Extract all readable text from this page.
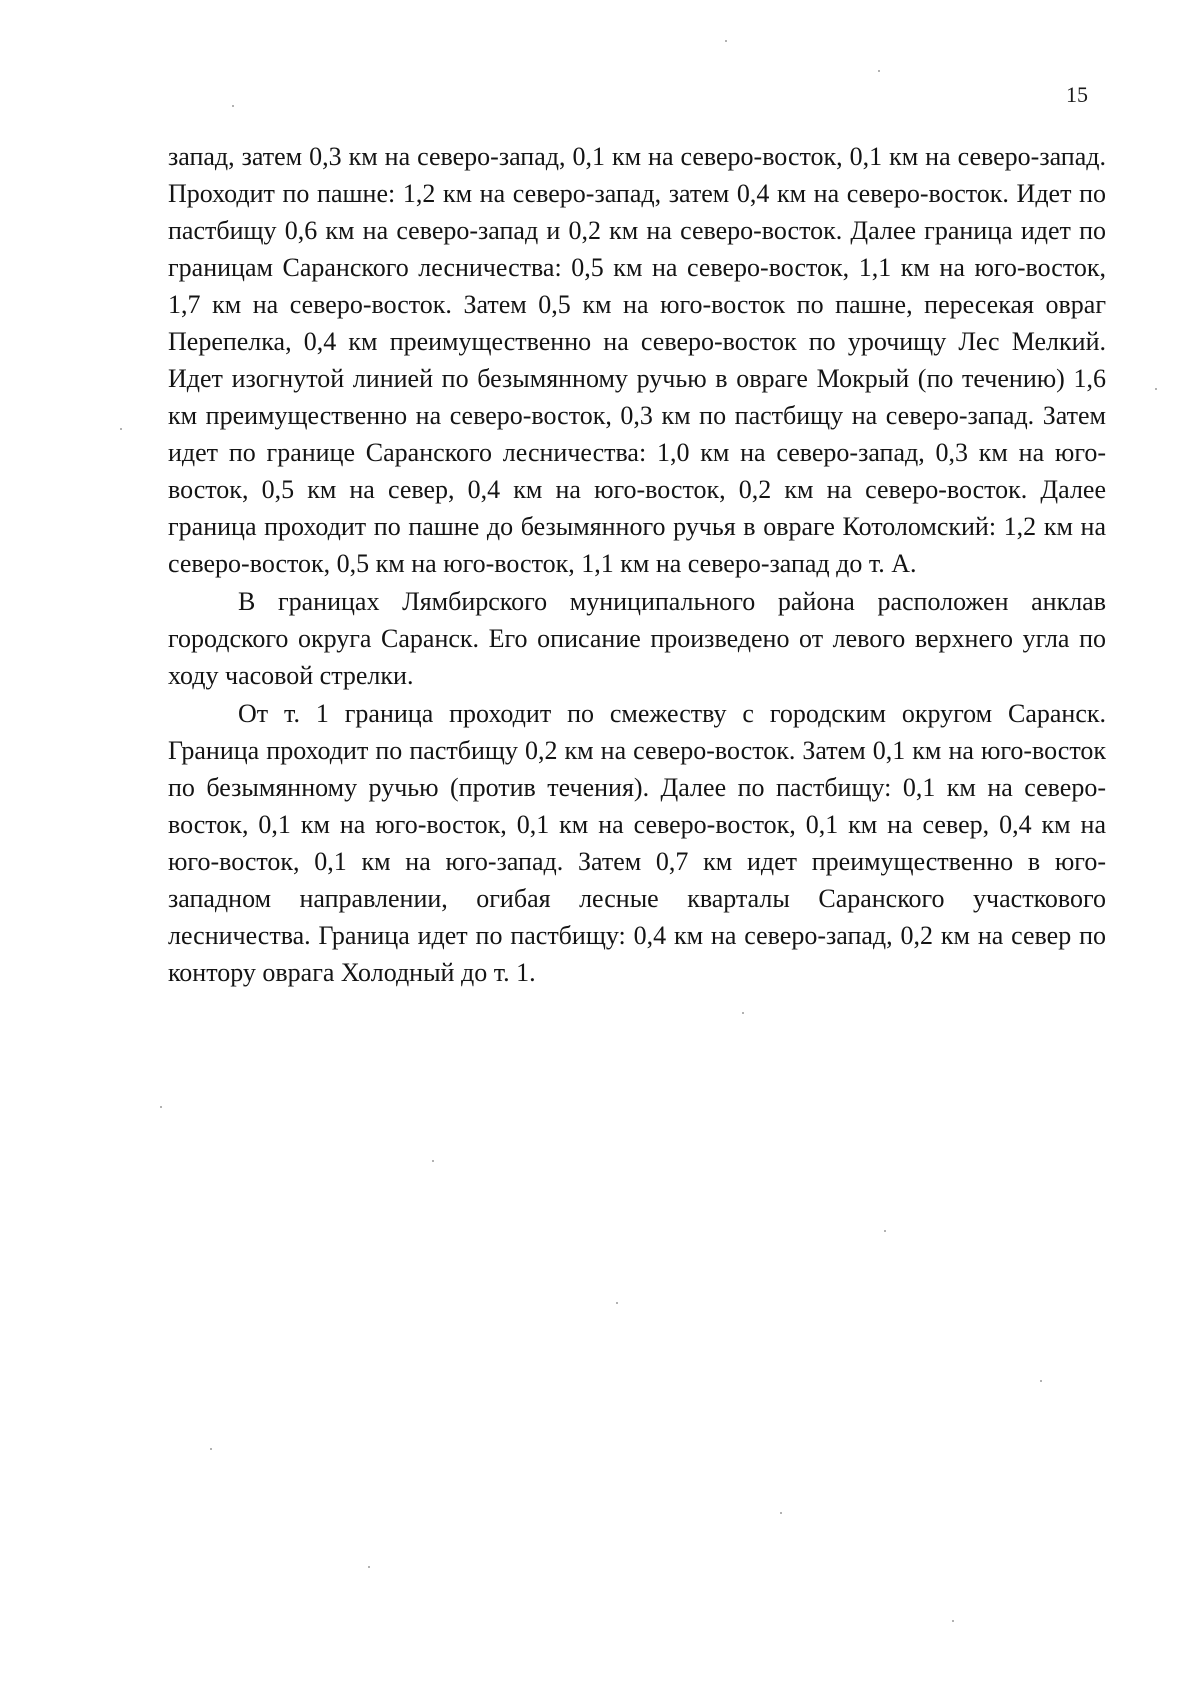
15

запад, затем 0,3 км на северо-запад, 0,1 км на северо-восток, 0,1 км на северо-запад. Проходит по пашне: 1,2 км на северо-запад, затем 0,4 км на северо-восток. Идет по пастбищу 0,6 км на северо-запад и 0,2 км на северо-восток. Далее граница идет по границам Саранского лесничества: 0,5 км на северо-восток, 1,1 км на юго-восток, 1,7 км на северо-восток. Затем 0,5 км на юго-восток по пашне, пересекая овраг Перепелка, 0,4 км преимущественно на северо-восток по урочищу Лес Мелкий. Идет изогнутой линией по безымянному ручью в овраге Мокрый (по течению) 1,6 км преимущественно на северо-восток, 0,3 км по пастбищу на северо-запад. Затем идет по границе Саранского лесничества: 1,0 км на северо-запад, 0,3 км на юго-восток, 0,5 км на север, 0,4 км на юго-восток, 0,2 км на северо-восток. Далее граница проходит по пашне до безымянного ручья в овраге Котоломский: 1,2 км на северо-восток, 0,5 км на юго-восток, 1,1 км на северо-запад до т. А.

В границах Лямбирского муниципального района расположен анклав городского округа Саранск. Его описание произведено от левого верхнего угла по ходу часовой стрелки.

От т. 1 граница проходит по смежеству с городским округом Саранск. Граница проходит по пастбищу 0,2 км на северо-восток. Затем 0,1 км на юго-восток по безымянному ручью (против течения). Далее по пастбищу: 0,1 км на северо-восток, 0,1 км на юго-восток, 0,1 км на северо-восток, 0,1 км на север, 0,4 км на юго-восток, 0,1 км на юго-запад. Затем 0,7 км идет преимущественно в юго-западном направлении, огибая лесные кварталы Саранского участкового лесничества. Граница идет по пастбищу: 0,4 км на северо-запад, 0,2 км на север по контору оврага Холодный до т. 1.
